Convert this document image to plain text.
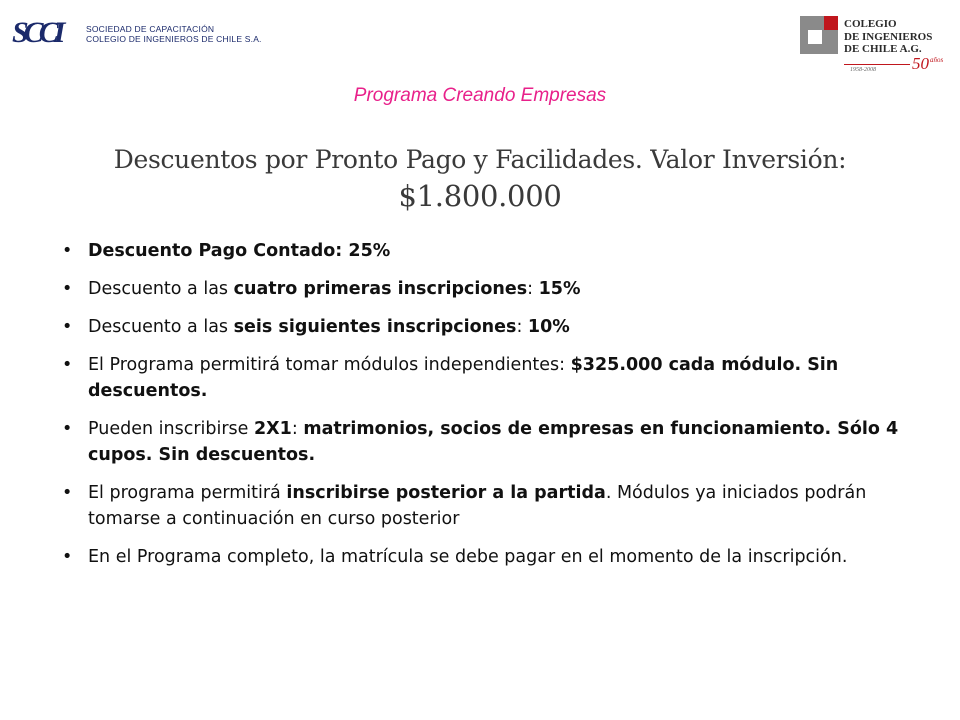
SCCI	SOCIEDAD DE CAPACITACIÓN
COLEGIO DE INGENIEROS DE CHILE S.A.
COLEGIO
DE INGENIEROS
DE CHILE A.G.
1958-2008 50 años
Programa Creando Empresas
Descuentos por Pronto Pago y Facilidades. Valor Inversión:
$1.800.000
• Descuento Pago Contado: 25%
• Descuento a las cuatro primeras inscripciones: 15%
• Descuento a las seis siguientes inscripciones: 10%
• El Programa permitirá tomar módulos independientes: $325.000 cada módulo. Sin descuentos.
• Pueden inscribirse 2X1: matrimonios, socios de empresas en funcionamiento. Sólo 4 cupos. Sin descuentos.
• El programa permitirá inscribirse posterior a la partida. Módulos ya iniciados podrán tomarse a continuación en curso posterior
• En el Programa completo, la matrícula se debe pagar en el momento de la inscripción.
